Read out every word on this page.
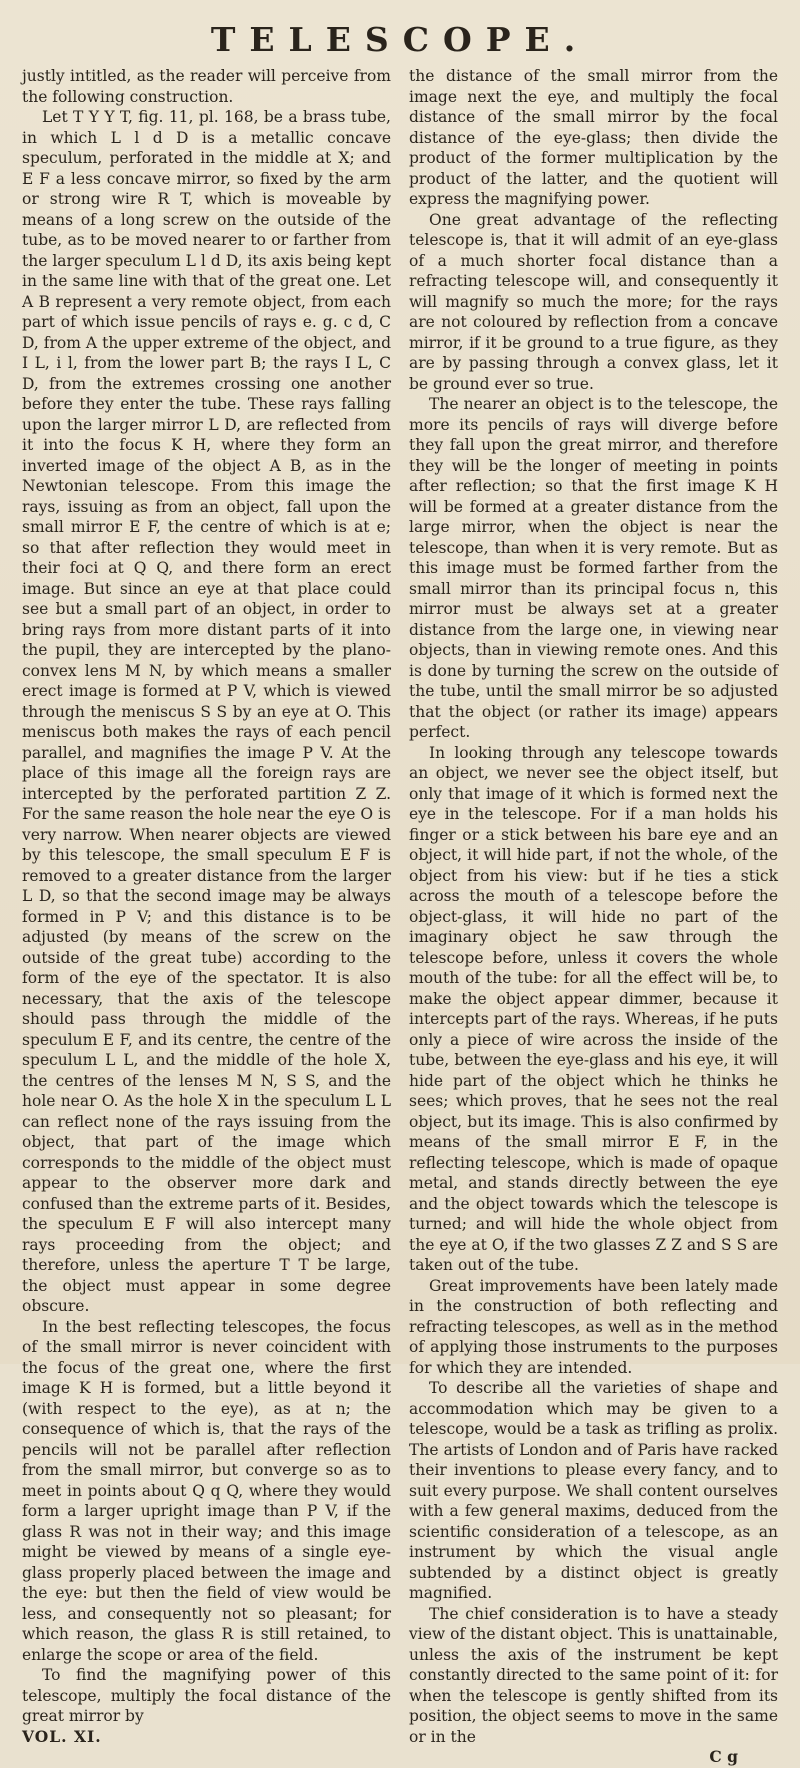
TELESCOPE.

justly intitled, as the reader will perceive from the following construction.

Let T Y Y T, fig. 11, pl. 168, be a brass tube, in which L l d D is a metallic concave speculum, perforated in the middle at X; and E F a less concave mirror, so fixed by the arm or strong wire R T, which is moveable by means of a long screw on the outside of the tube, as to be moved nearer to or farther from the larger speculum L l d D, its axis being kept in the same line with that of the great one. Let A B represent a very remote object, from each part of which issue pencils of rays e. g. c d, C D, from A the upper extreme of the object, and I L, i l, from the lower part B; the rays I L, C D, from the extremes crossing one another before they enter the tube. These rays falling upon the larger mirror L D, are reflected from it into the focus K H, where they form an inverted image of the object A B, as in the Newtonian telescope. From this image the rays, issuing as from an object, fall upon the small mirror E F, the centre of which is at e; so that after reflection they would meet in their foci at Q Q, and there form an erect image. But since an eye at that place could see but a small part of an object, in order to bring rays from more distant parts of it into the pupil, they are intercepted by the plano-convex lens M N, by which means a smaller erect image is formed at P V, which is viewed through the meniscus S S by an eye at O. This meniscus both makes the rays of each pencil parallel, and magnifies the image P V. At the place of this image all the foreign rays are intercepted by the perforated partition Z Z. For the same reason the hole near the eye O is very narrow. When nearer objects are viewed by this telescope, the small speculum E F is removed to a greater distance from the larger L D, so that the second image may be always formed in P V; and this distance is to be adjusted (by means of the screw on the outside of the great tube) according to the form of the eye of the spectator. It is also necessary, that the axis of the telescope should pass through the middle of the speculum E F, and its centre, the centre of the speculum L L, and the middle of the hole X, the centres of the lenses M N, S S, and the hole near O. As the hole X in the speculum L L can reflect none of the rays issuing from the object, that part of the image which corresponds to the middle of the object must appear to the observer more dark and confused than the extreme parts of it. Besides, the speculum E F will also intercept many rays proceeding from the object; and therefore, unless the aperture T T be large, the object must appear in some degree obscure.

In the best reflecting telescopes, the focus of the small mirror is never coincident with the focus of the great one, where the first image K H is formed, but a little beyond it (with respect to the eye), as at n; the consequence of which is, that the rays of the pencils will not be parallel after reflection from the small mirror, but converge so as to meet in points about Q q Q, where they would form a larger upright image than P V, if the glass R was not in their way; and this image might be viewed by means of a single eye-glass properly placed between the image and the eye: but then the field of view would be less, and consequently not so pleasant; for which reason, the glass R is still retained, to enlarge the scope or area of the field.

To find the magnifying power of this telescope, multiply the focal distance of the great mirror by

VOL. XI.

the distance of the small mirror from the image next the eye, and multiply the focal distance of the small mirror by the focal distance of the eye-glass; then divide the product of the former multiplication by the product of the latter, and the quotient will express the magnifying power.

One great advantage of the reflecting telescope is, that it will admit of an eye-glass of a much shorter focal distance than a refracting telescope will, and consequently it will magnify so much the more; for the rays are not coloured by reflection from a concave mirror, if it be ground to a true figure, as they are by passing through a convex glass, let it be ground ever so true.

The nearer an object is to the telescope, the more its pencils of rays will diverge before they fall upon the great mirror, and therefore they will be the longer of meeting in points after reflection; so that the first image K H will be formed at a greater distance from the large mirror, when the object is near the telescope, than when it is very remote. But as this image must be formed farther from the small mirror than its principal focus n, this mirror must be always set at a greater distance from the large one, in viewing near objects, than in viewing remote ones. And this is done by turning the screw on the outside of the tube, until the small mirror be so adjusted that the object (or rather its image) appears perfect.

In looking through any telescope towards an object, we never see the object itself, but only that image of it which is formed next the eye in the telescope. For if a man holds his finger or a stick between his bare eye and an object, it will hide part, if not the whole, of the object from his view: but if he ties a stick across the mouth of a telescope before the object-glass, it will hide no part of the imaginary object he saw through the telescope before, unless it covers the whole mouth of the tube: for all the effect will be, to make the object appear dimmer, because it intercepts part of the rays. Whereas, if he puts only a piece of wire across the inside of the tube, between the eye-glass and his eye, it will hide part of the object which he thinks he sees; which proves, that he sees not the real object, but its image. This is also confirmed by means of the small mirror E F, in the reflecting telescope, which is made of opaque metal, and stands directly between the eye and the object towards which the telescope is turned; and will hide the whole object from the eye at O, if the two glasses Z Z and S S are taken out of the tube.

Great improvements have been lately made in the construction of both reflecting and refracting telescopes, as well as in the method of applying those instruments to the purposes for which they are intended.

To describe all the varieties of shape and accommodation which may be given to a telescope, would be a task as trifling as prolix. The artists of London and of Paris have racked their inventions to please every fancy, and to suit every purpose. We shall content ourselves with a few general maxims, deduced from the scientific consideration of a telescope, as an instrument by which the visual angle subtended by a distinct object is greatly magnified.

The chief consideration is to have a steady view of the distant object. This is unattainable, unless the axis of the instrument be kept constantly directed to the same point of it: for when the telescope is gently shifted from its position, the object seems to move in the same or in the

C g
